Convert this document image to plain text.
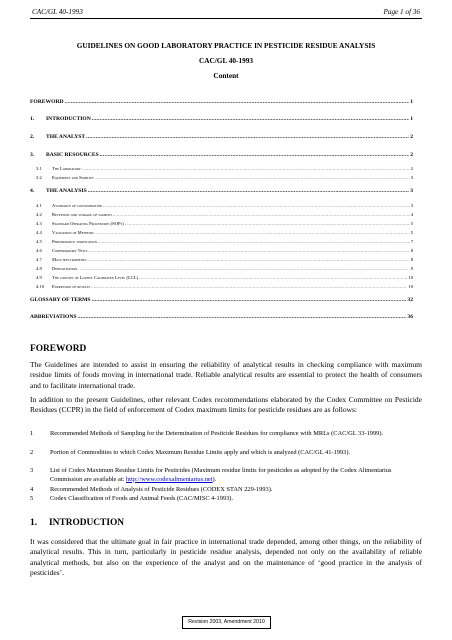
CAC/GL 40-1993	Page 1 of 36
GUIDELINES ON GOOD LABORATORY PRACTICE IN PESTICIDE RESIDUE ANALYSIS
CAC/GL 40-1993
Content
FOREWORD .....	1
1.	INTRODUCTION .....	1
2.	THE ANALYST .....	2
3.	BASIC RESOURCES .....	2
3.1	The Laboratory .....	2
3.2	Equipment and Supplies .....	3
4.	THE ANALYSIS .....	3
4.1	Avoidance of contamination .....	3
4.2	Reception and storage of samples .....	4
4.3	Standard Operating Procedures (SOPs) .....	5
4.4	Validation of Methods .....	5
4.5	Performance verification .....	7
4.6	Confirmatory Tests .....	8
4.7	Mass spectrometry .....	8
4.8	Derivatisation .....	9
4.9	The concept of Lowest Calibrated Level (LCL) .....	10
4.10	Expression of results .....	10
GLOSSARY OF TERMS .....	32
ABBREVIATIONS .....	36
FOREWORD

The Guidelines are intended to assist in ensuring the reliability of analytical results in checking compliance with maximum residue limits of foods moving in international trade. Reliable analytical results are essential to protect the health of consumers and to facilitate international trade.

In addition to the present Guidelines, other relevant Codex recommendations elaborated by the Codex Committee on Pesticide Residues (CCPR) in the field of enforcement of Codex maximum limits for pesticide residues are as follows:

1	Recommended Methods of Sampling for the Determination of Pesticide Residues for compliance with MRLs (CAC/GL 33-1999).
2	Portion of Commodities to which Codex Maximum Residue Limits apply and which is analyzed (CAC/GL 41-1993).
3	List of Codex Maximum Residue Limits for Pesticides (Maximum residue limits for pesticides as adopted by the Codex Alimentarius Commission are available at: http://www.codexalimentarius.net).
4	Recommended Methods of Analysis of Pesticide Residues (CODEX STAN 229-1993).
5	Codex Classification of Foods and Animal Feeds (CAC/MISC 4-1993).
1. INTRODUCTION

It was considered that the ultimate goal in fair practice in international trade depended, among other things, on the reliability of analytical results. This in turn, particularly in pesticide residue analysis, depended not only on the availability of reliable analytical methods, but also on the experience of the analyst and on the maintenance of ‘good practice in the analysis of pesticides’.

Revision 2003, Amendment 2010
